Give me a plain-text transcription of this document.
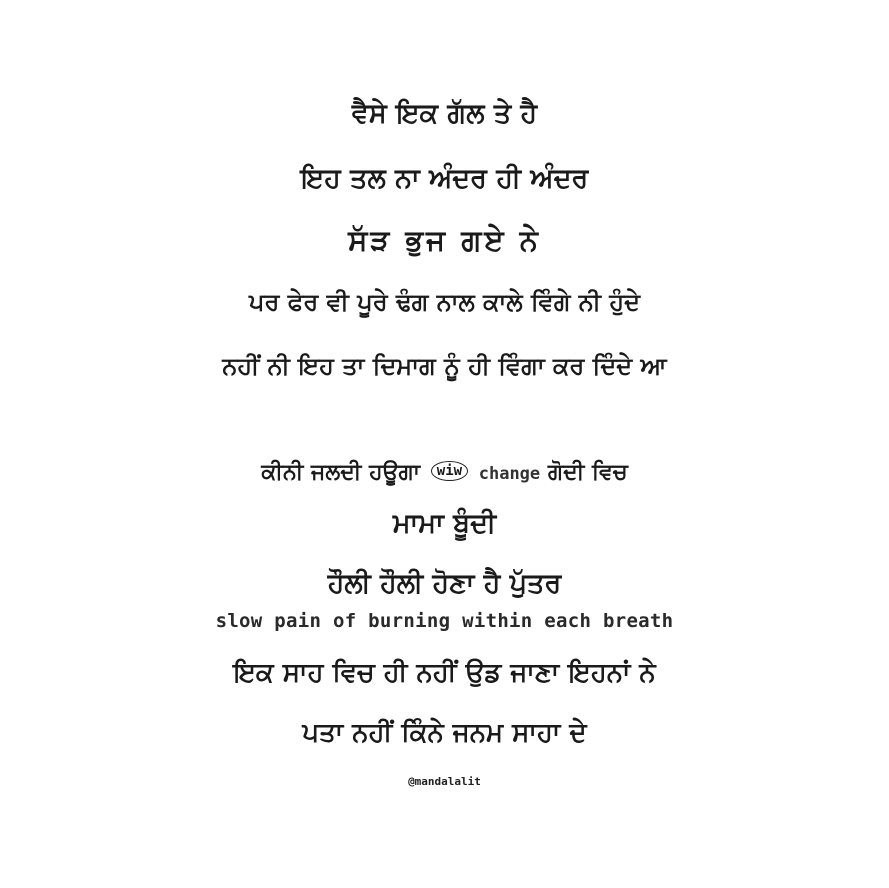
ਵੈਸੇ ਇਕ ਗੱਲ ਤੇ ਹੈ
ਇਹ ਤਲ ਨਾ ਅੰਦਰ ਹੀ ਅੰਦਰ
ਸੱੜ ਭੁਜ ਗਏ ਨੇ
ਪਰ ਫੇਰ ਵੀ ਪੂਰੇ ਢੰਗ ਨਾਲ ਕਾਲੇ ਵਿੰਗੇ ਨੀ ਹੁੰਦੇ
ਨਹੀਂ ਨੀ ਇਹ ਤਾ ਦਿਮਾਗ ਨੂੰ ਹੀ ਵਿੰਗਾ ਕਰ ਦਿੰਦੇ ਆ
ਕੀਨੀ ਜਲਦੀ ਹਊਗਾ wiw change ਗੋਦੀ ਵਿਚ
ਮਾਮਾ ਬੂੰਦੀ
ਹੌਲੀ ਹੌਲੀ ਹੋਣਾ ਹੈ ਪੁੱਤਰ
slow pain of burning within each breath
ਇਕ ਸਾਹ ਵਿਚ ਹੀ ਨਹੀਂ ਉਡ ਜਾਣਾ ਇਹਨਾਂ ਨੇ
ਪਤਾ ਨਹੀਂ ਕਿੰਨੇ ਜਨਮ ਸਾਹਾ ਦੇ
@mandalalit
